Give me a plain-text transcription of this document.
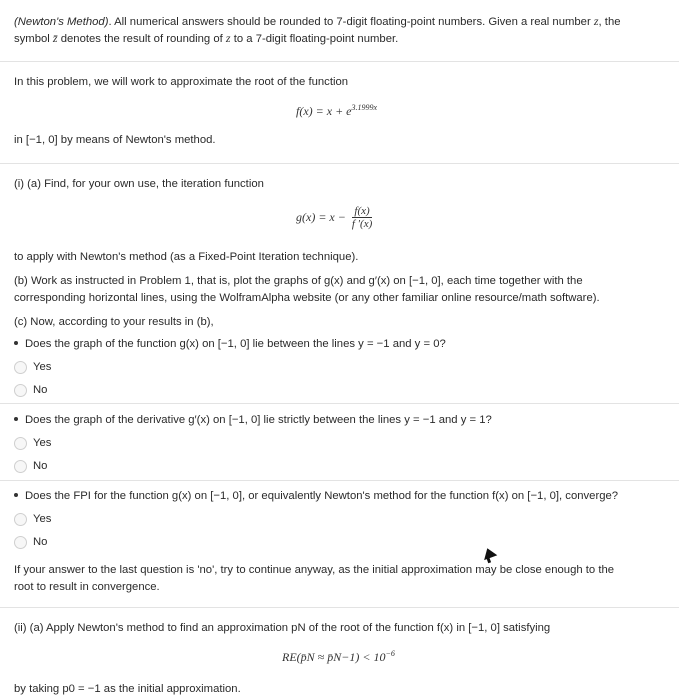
(Newton's Method). All numerical answers should be rounded to 7-digit floating-point numbers. Given a real number z, the
symbol z̄ denotes the result of rounding of z to a 7-digit floating-point number.
In this problem, we will work to approximate the root of the function
$f(x) = x + e^{3.1999x}$
in [−1, 0] by means of Newton's method.
(i) (a) Find, for your own use, the iteration function
$g(x) = x - \frac{f(x)}{f '(x)}$
to apply with Newton's method (as a Fixed-Point Iteration technique).
(b) Work as instructed in Problem 1, that is, plot the graphs of g(x) and g′(x) on [−1, 0], each time together with the
corresponding horizontal lines, using the WolframAlpha website (or any other familiar online resource/math software).
(c) Now, according to your results in (b),
Does the graph of the function g(x) on [−1, 0] lie between the lines y = −1 and y = 0?
Yes
No
Does the graph of the derivative g′(x) on [−1, 0] lie strictly between the lines y = −1 and y = 1?
Yes
No
Does the FPI for the function g(x) on [−1, 0], or equivalently Newton's method for the function f(x) on [−1, 0], converge?
Yes
No
If your answer to the last question is 'no', try to continue anyway, as the initial approximation may be close enough to the
root to result in convergence.
(ii) (a) Apply Newton's method to find an approximation pN of the root of the function f(x) in [−1, 0] satisfying
RE(p̄N ≈ p̄N−1) < $10^{-6}$
by taking p0 = −1 as the initial approximation.
